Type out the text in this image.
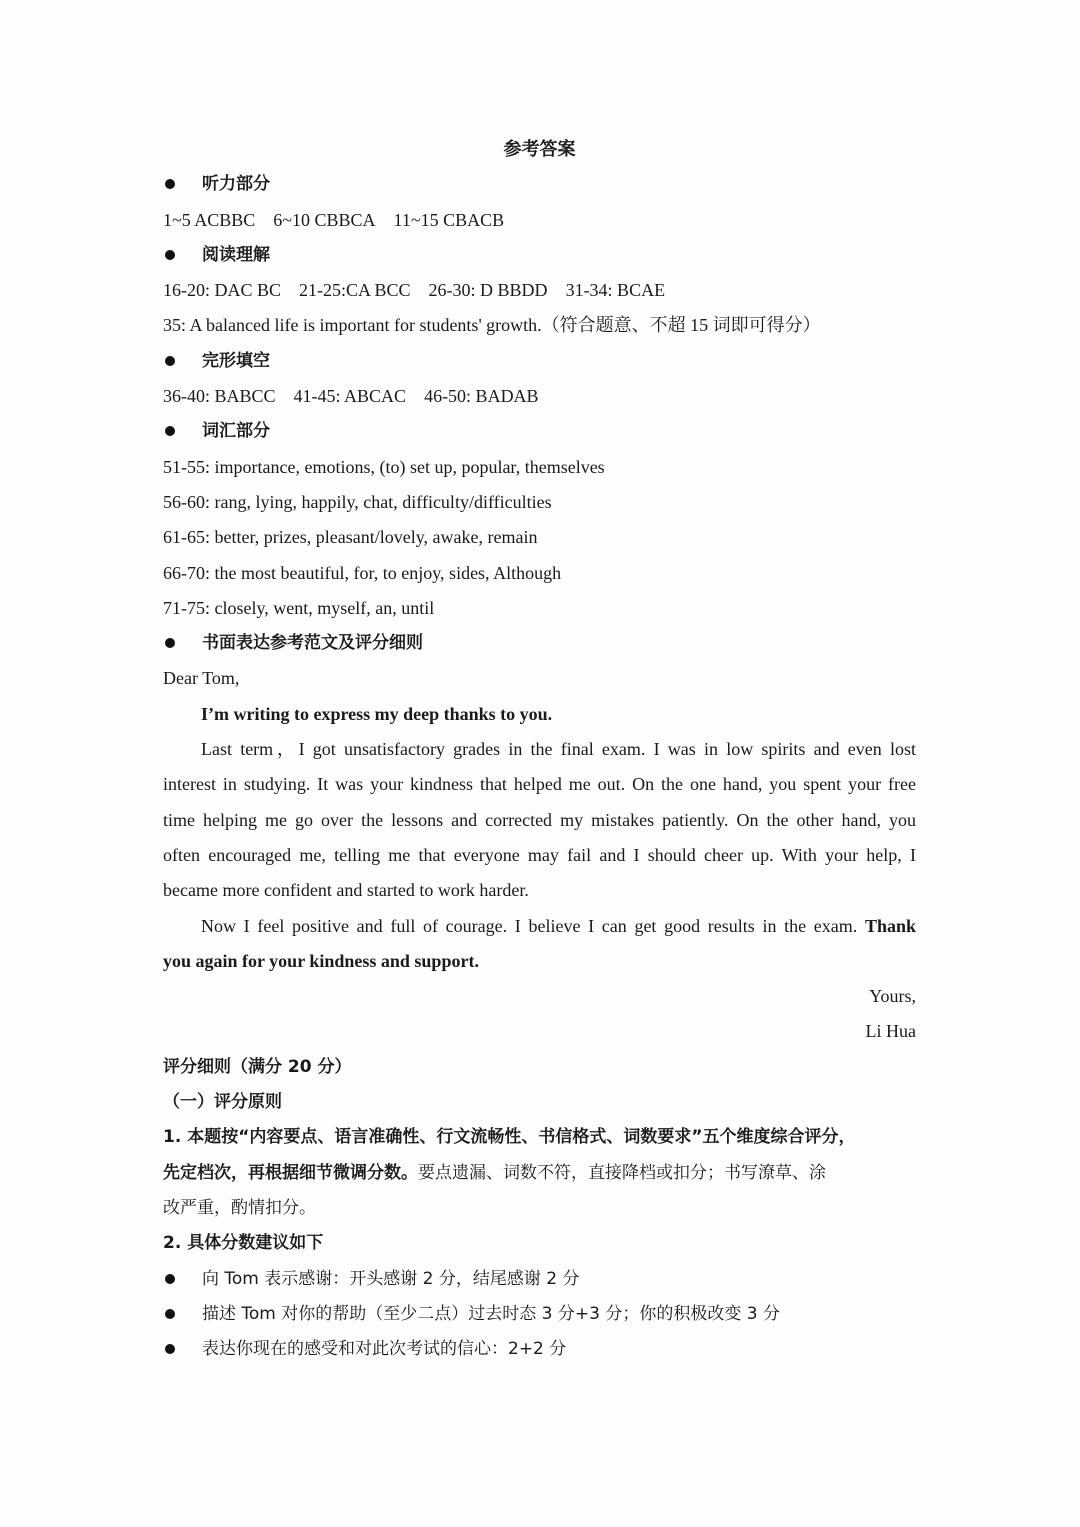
参考答案
听力部分
1~5 ACBBC 6~10 CBBCA 11~15 CBACB
阅读理解
16-20: DAC BC 21-25:CA BCC 26-30: D BBDD 31-34: BCAE
35: A balanced life is important for students' growth.（符合题意、不超 15 词即可得分）
完形填空
36-40: BABCC 41-45: ABCAC 46-50: BADAB
词汇部分
51-55: importance, emotions, (to) set up, popular, themselves
56-60: rang, lying, happily, chat, difficulty/difficulties
61-65: better, prizes, pleasant/lovely, awake, remain
66-70: the most beautiful, for, to enjoy, sides, Although
71-75: closely, went, myself, an, until
书面表达参考范文及评分细则
Dear Tom,
I’m writing to express my deep thanks to you.
Last term，I got unsatisfactory grades in the final exam. I was in low spirits and even lost
interest in studying. It was your kindness that helped me out. On the one hand, you spent your free
time helping me go over the lessons and corrected my mistakes patiently. On the other hand, you
often encouraged me, telling me that everyone may fail and I should cheer up. With your help, I
became more confident and started to work harder.
Now I feel positive and full of courage. I believe I can get good results in the exam. Thank
you again for your kindness and support.
Yours,
Li Hua
评分细则（满分 20 分）
（一）评分原则
1. 本题按“内容要点、语言准确性、行文流畅性、书信格式、词数要求”五个维度综合评分，
先定档次，再根据细节微调分数。要点遗漏、词数不符，直接降档或扣分；书写潦草、涂
改严重，酌情扣分。
2. 具体分数建议如下
向 Tom 表示感谢：开头感谢 2 分，结尾感谢 2 分
描述 Tom 对你的帮助（至少二点）过去时态 3 分+3 分；你的积极改变 3 分
表达你现在的感受和对此次考试的信心：2+2 分
